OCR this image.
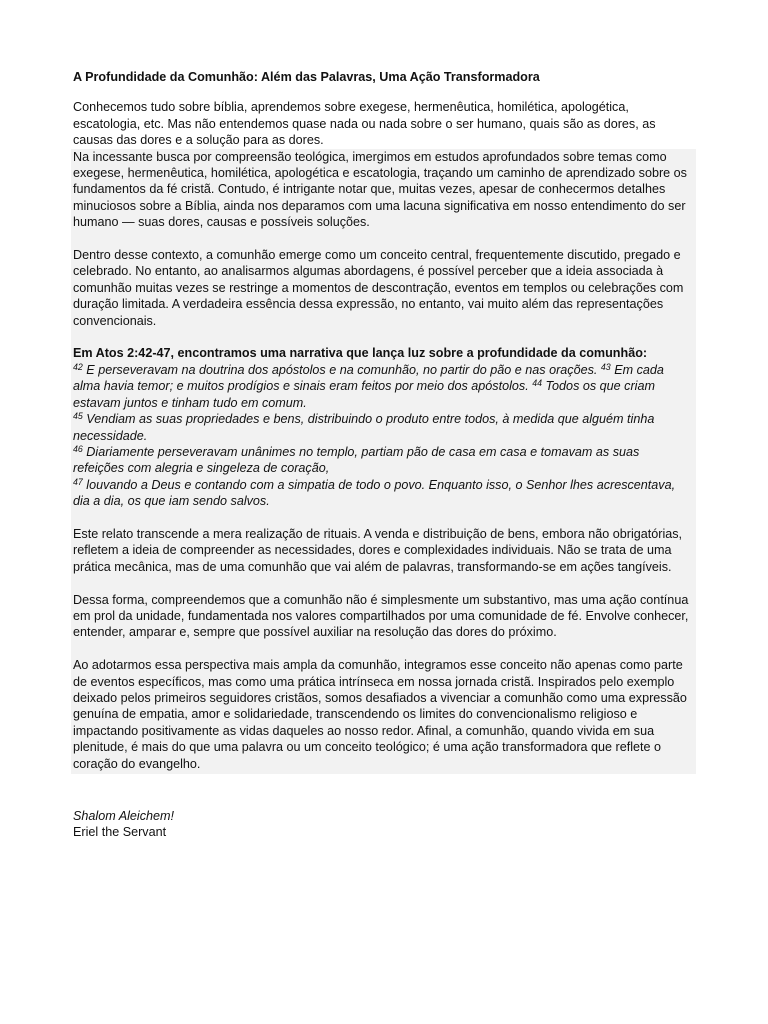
A Profundidade da Comunhão: Além das Palavras, Uma Ação Transformadora

Conhecemos tudo sobre bíblia, aprendemos sobre exegese, hermenêutica, homilética, apologética, escatologia, etc. Mas não entendemos quase nada ou nada sobre o ser humano, quais são as dores, as causas das dores e a solução para as dores.

Na incessante busca por compreensão teológica, imergimos em estudos aprofundados sobre temas como exegese, hermenêutica, homilética, apologética e escatologia, traçando um caminho de aprendizado sobre os fundamentos da fé cristã. Contudo, é intrigante notar que, muitas vezes, apesar de conhecermos detalhes minuciosos sobre a Bíblia, ainda nos deparamos com uma lacuna significativa em nosso entendimento do ser humano — suas dores, causas e possíveis soluções.

Dentro desse contexto, a comunhão emerge como um conceito central, frequentemente discutido, pregado e celebrado. No entanto, ao analisarmos algumas abordagens, é possível perceber que a ideia associada à comunhão muitas vezes se restringe a momentos de descontração, eventos em templos ou celebrações com duração limitada. A verdadeira essência dessa expressão, no entanto, vai muito além das representações convencionais.

Em Atos 2:42-47, encontramos uma narrativa que lança luz sobre a profundidade da comunhão:
$^{42}$ E perseveravam na doutrina dos apóstolos e na comunhão, no partir do pão e nas orações. $^{43}$ Em cada alma havia temor; e muitos prodígios e sinais eram feitos por meio dos apóstolos. $^{44}$ Todos os que criam estavam juntos e tinham tudo em comum.
$^{45}$ Vendiam as suas propriedades e bens, distribuindo o produto entre todos, à medida que alguém tinha necessidade.
$^{46}$ Diariamente perseveravam unânimes no templo, partiam pão de casa em casa e tomavam as suas refeições com alegria e singeleza de coração,
$^{47}$ louvando a Deus e contando com a simpatia de todo o povo. Enquanto isso, o Senhor lhes acrescentava, dia a dia, os que iam sendo salvos.

Este relato transcende a mera realização de rituais. A venda e distribuição de bens, embora não obrigatórias, refletem a ideia de compreender as necessidades, dores e complexidades individuais. Não se trata de uma prática mecânica, mas de uma comunhão que vai além de palavras, transformando-se em ações tangíveis.

Dessa forma, compreendemos que a comunhão não é simplesmente um substantivo, mas uma ação contínua em prol da unidade, fundamentada nos valores compartilhados por uma comunidade de fé. Envolve conhecer, entender, amparar e, sempre que possível auxiliar na resolução das dores do próximo.

Ao adotarmos essa perspectiva mais ampla da comunhão, integramos esse conceito não apenas como parte de eventos específicos, mas como uma prática intrínseca em nossa jornada cristã. Inspirados pelo exemplo deixado pelos primeiros seguidores cristãos, somos desafiados a vivenciar a comunhão como uma expressão genuína de empatia, amor e solidariedade, transcendendo os limites do convencionalismo religioso e impactando positivamente as vidas daqueles ao nosso redor. Afinal, a comunhão, quando vivida em sua plenitude, é mais do que uma palavra ou um conceito teológico; é uma ação transformadora que reflete o coração do evangelho.

Shalom Aleichem!

Eriel the Servant
